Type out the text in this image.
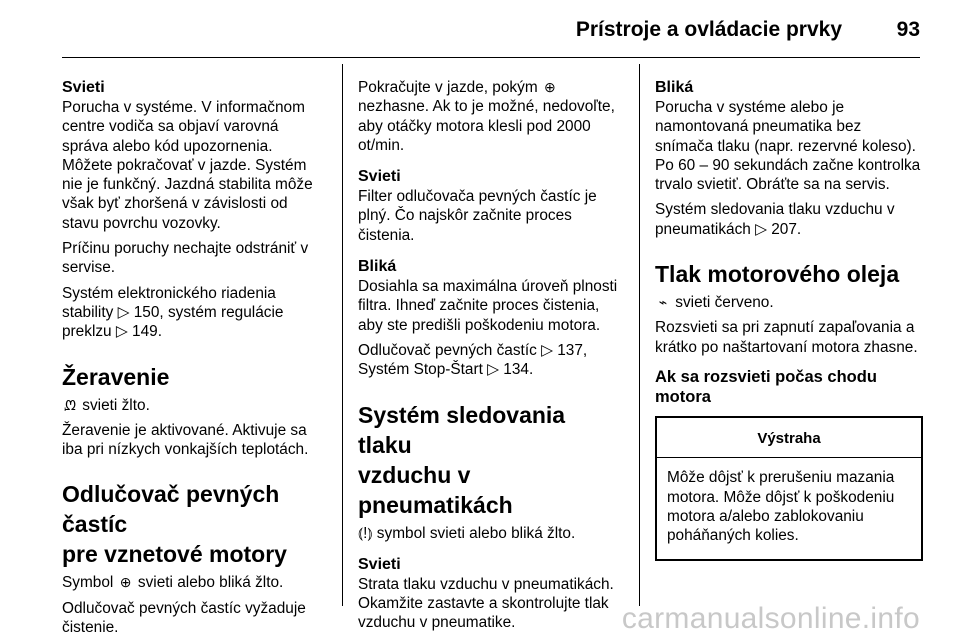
Prístroje a ovládacie prvky	93
Svieti

Porucha v systéme. V informačnom centre vodiča sa objaví varovná správa alebo kód upozornenia. Môžete pokračovať v jazde. Systém nie je funkčný. Jazdná stabilita môže však byť zhoršená v závislosti od stavu povrchu vozovky.

Príčinu poruchy nechajte odstrániť v servise.

Systém elektronického riadenia stability ▷ 150, systém regulácie preklzu ▷ 149.

Žeravenie

ᘻ svieti žlto.

Žeravenie je aktivované. Aktivuje sa iba pri nízkych vonkajších teplotách.

Odlučovač pevných častíc
pre vznetové motory

Symbol ⊕ svieti alebo bliká žlto.

Odlučovač pevných častíc vyžaduje čistenie.

Pokračujte v jazde, pokým ⊕ nezhasne. Ak to je možné, nedovoľte, aby otáčky motora klesli pod 2000 ot/min.

Svieti

Filter odlučovača pevných častíc je plný. Čo najskôr začnite proces čistenia.

Bliká

Dosiahla sa maximálna úroveň plnosti filtra. Ihneď začnite proces čistenia, aby ste predišli poškodeniu motora.

Odlučovač pevných častíc ▷ 137, Systém Stop-Štart ▷ 134.

Systém sledovania tlaku
vzduchu v pneumatikách

⦅!⦆ symbol svieti alebo bliká žlto.

Svieti

Strata tlaku vzduchu v pneumatikách. Okamžite zastavte a skontrolujte tlak vzduchu v pneumatike.

Bliká

Porucha v systéme alebo je namontovaná pneumatika bez snímača tlaku (napr. rezervné koleso). Po 60 – 90 sekundách začne kontrolka trvalo svietiť. Obráťte sa na servis.

Systém sledovania tlaku vzduchu v pneumatikách ▷ 207.

Tlak motorového oleja

⌁ svieti červeno.

Rozsvieti sa pri zapnutí zapaľovania a krátko po naštartovaní motora zhasne.

Ak sa rozsvieti počas chodu motora
Výstraha
Môže dôjsť k prerušeniu mazania motora. Môže dôjsť k poškodeniu motora a/alebo zablokovaniu poháňaných kolies.
carmanualsonline.info
